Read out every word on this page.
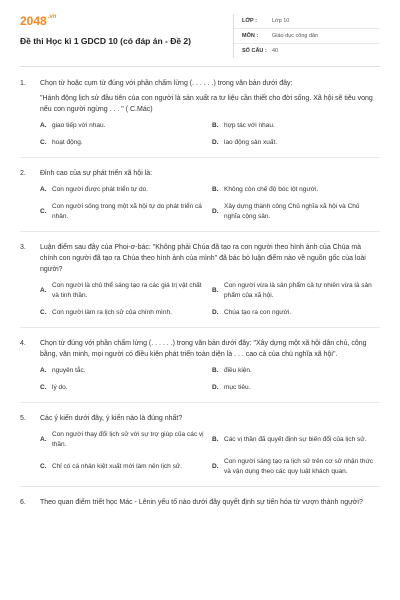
$2048^{.vn}$
Đề thi Học kì 1 GDCD 10 (có đáp án - Đề 2)
LỚP :	Lớp 10
MÔN :	Giáo dục công dân
SỐ CÂU : 40
1.	Chọn từ hoặc cụm từ đúng với phần chấm lửng (. . . . . .) trong văn bản dưới đây:
"Hành động lịch sử đầu tiên của con người là sản xuất ra tư liệu cần thiết cho đời sống. Xã hội sẽ tiêu vong nếu con người ngừng . . . " ( C.Mác)
A. giao tiếp với nhau.	B. hợp tác với nhau.
C. hoạt động.	D. lao động sản xuất.
2.	Đỉnh cao của sự phát triển xã hội là:
A. Con người được phát triển tự do.	B. Không còn chế độ bóc lột người.
C.
Con người sống trong một xã hội tự do phát triển cá nhân.
D.
Xây dựng thành công Chủ nghĩa xã hội và Chủ nghĩa cộng sản.
3.	Luận điểm sau đây của Phoi-ơ-bác: "Không phải Chúa đã tạo ra con người theo hình ảnh của Chúa mà chính con người đã tạo ra Chúa theo hình ảnh của mình" đã bác bỏ luận điểm nào về nguồn gốc của loài người?
A.
Con người là chủ thể sáng tạo ra các giá trị vật chất và tinh thần.
B.
Con người vừa là sản phẩm cả tự nhiên vừa là sản phẩm của xã hội.
C. Con người làm ra lịch sử của chính mình.	D. Chúa tạo ra con người.
4.	Chọn từ đúng với phần chấm lửng (. . . . . .) trong văn bản dưới đây: "Xây dựng một xã hội dân chủ, công bằng, văn minh, mọi người có điều kiện phát triển toàn diện là . . . cao cả của chủ nghĩa xã hội".
A. nguyên tắc.	B. điều kiện.
C. lý do.	D. mục tiêu.
5.	Các ý kiến dưới đây, ý kiến nào là đúng nhất?
A.
Con người thay đổi lịch sử với sự trợ giúp của các vị thần.
B. Các vị thần đã quyết định sự biến đổi của lịch sử.
C. Chỉ có cá nhân kiệt xuất mới làm nên lịch sử.	D.
Con người sáng tạo ra lịch sử trên cơ sở nhận thức và vận dụng theo các quy luật khách quan.
6.	Theo quan điểm triết học Mác - Lênin yếu tố nào dưới đây quyết định sự tiến hóa từ vượn thành người?
